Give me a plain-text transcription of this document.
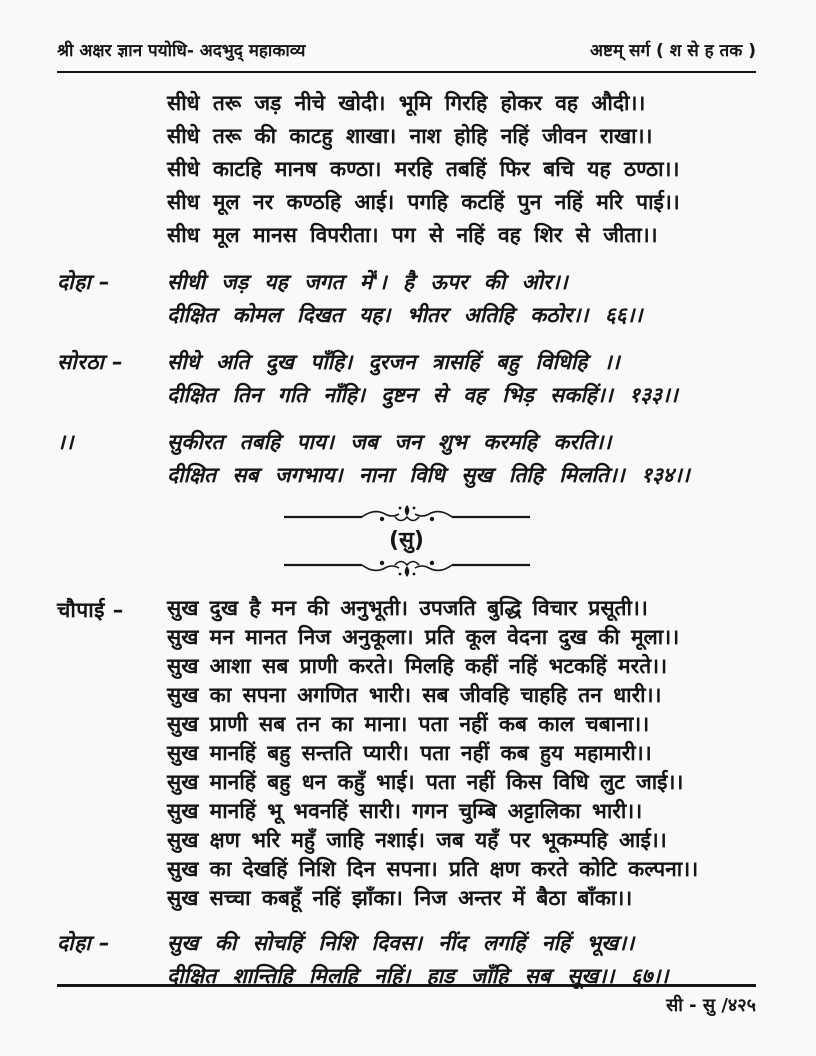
श्री अक्षर ज्ञान पयोधि- अदभुद् महाकाव्य	अष्टम् सर्ग ( श से ह तक )
सीधे तरू जड़ नीचे खोदी। भूमि गिरहि होकर वह औदी।।
सीधे तरू की काटहु शाखा। नाश होहि नहिं जीवन राखा।।
सीधे काटहि मानष कण्ठा। मरहि तबहिं फिर बचि यह ठण्ठा।।
सीध मूल नर कण्ठहि आई। पगहि कटहिं पुन नहिं मरि पाई।।
सीध मूल मानस विपरीता। पग से नहिं वह शिर से जीता।।
दोहा –	सीधी जड़ यह जगत में'। है ऊपर की ओर।।
दीक्षित कोमल दिखत यह। भीतर अतिहि कठोर।। ६६।।
सोरठा –	सीधे अति दुख पाँहि। दुरजन त्रासहिं बहु विधिहि ।।
दीक्षित तिन गति नाँहि। दुष्टन से वह भिड़ सकहिं।। १३३।।
।।	सुकीरत तबहि पाय। जब जन शुभ करमहि करति।।
दीक्षित सब जगभाय। नाना विधि सुख तिहि मिलति।। १३४।।
(सु)
चौपाई –	सुख दुख है मन की अनुभूती। उपजति बुद्धि विचार प्रसूती।।
सुख मन मानत निज अनुकूला। प्रति कूल वेदना दुख की मूला।।
सुख आशा सब प्राणी करते। मिलहि कहीं नहिं भटकहिं मरते।।
सुख का सपना अगणित भारी। सब जीवहि चाहहि तन धारी।।
सुख प्राणी सब तन का माना। पता नहीं कब काल चबाना।।
सुख मानहिं बहु सन्तति प्यारी। पता नहीं कब हुय महामारी।।
सुख मानहिं बहु धन कहुँ भाई। पता नहीं किस विधि लुट जाई।।
सुख मानहिं भू भवनहिं सारी। गगन चुम्बि अट्टालिका भारी।।
सुख क्षण भरि महुँ जाहि नशाई। जब यहँ पर भूकम्पहि आई।।
सुख का देखहिं निशि दिन सपना। प्रति क्षण करते कोटि कल्पना।।
सुख सच्चा कबहूँ नहिं झाँका। निज अन्तर में बैठा बाँका।।
दोहा –	सुख की सोचहिं निशि दिवस। नींद लगहिं नहिं भूख।।
दीक्षित शान्तिहि मिलहि नहिं। हाड जाँहि सब सूख।। ६७।।
सी - सु /४२५
